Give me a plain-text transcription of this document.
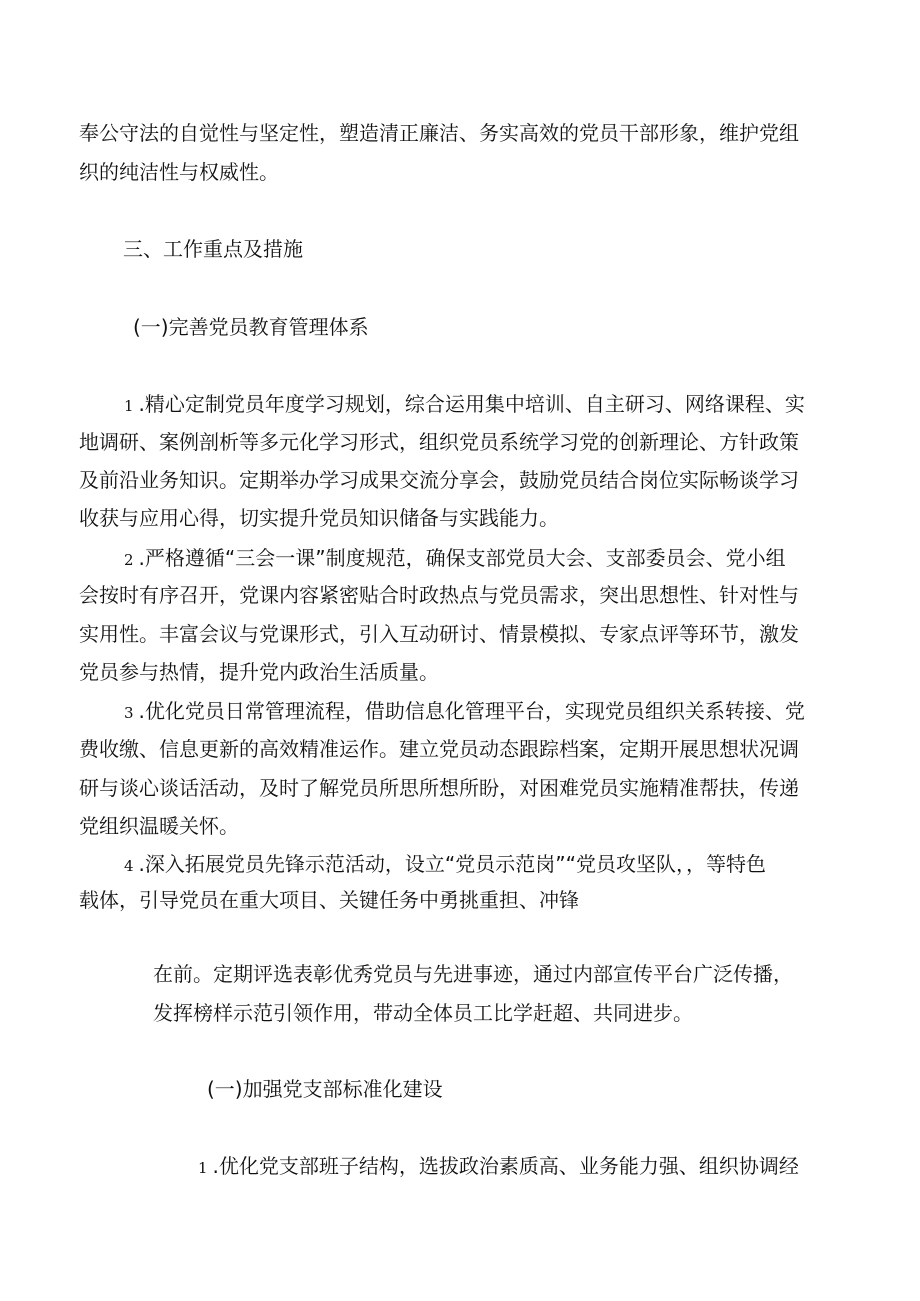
奉公守法的自觉性与坚定性，塑造清正廉洁、务实高效的党员干部形象，维护党组
织的纯洁性与权威性。
三、工作重点及措施
(一)完善党员教育管理体系
1 .精心定制党员年度学习规划，综合运用集中培训、自主研习、网络课程、实
地调研、案例剖析等多元化学习形式，组织党员系统学习党的创新理论、方针政策
及前沿业务知识。定期举办学习成果交流分享会，鼓励党员结合岗位实际畅谈学习
收获与应用心得，切实提升党员知识储备与实践能力。
2 .严格遵循“三会一课”制度规范，确保支部党员大会、支部委员会、党小组
会按时有序召开，党课内容紧密贴合时政热点与党员需求，突出思想性、针对性与
实用性。丰富会议与党课形式，引入互动研讨、情景模拟、专家点评等环节，激发
党员参与热情，提升党内政治生活质量。
3 .优化党员日常管理流程，借助信息化管理平台，实现党员组织关系转接、党
费收缴、信息更新的高效精准运作。建立党员动态跟踪档案，定期开展思想状况调
研与谈心谈话活动，及时了解党员所思所想所盼，对困难党员实施精准帮扶，传递
党组织温暖关怀。
4 .深入拓展党员先锋示范活动，设立“党员示范岗”“党员攻坚队，，等特色
载体，引导党员在重大项目、关键任务中勇挑重担、冲锋
在前。定期评选表彰优秀党员与先进事迹，通过内部宣传平台广泛传播，
发挥榜样示范引领作用，带动全体员工比学赶超、共同进步。
(一)加强党支部标准化建设
1 .优化党支部班子结构，选拔政治素质高、业务能力强、组织协调经
